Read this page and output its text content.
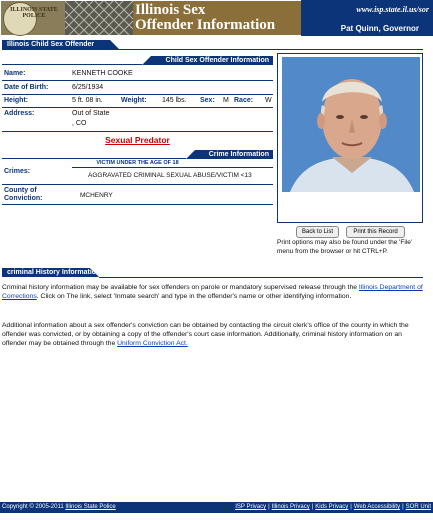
ILLINOIS STATE POLICE	Illinois Sex
Offender Information
www.isp.state.il.us/sor
Pat Quinn, Governor
Illinois Child Sex Offender
Child Sex Offender Information
Name:	KENNETH COOKE
Date of Birth:	6/25/1934
Height:	5 ft. 08 in.	Weight: 145 lbs. Sex: M Race: W
Address:	Out of State
, CO
Sexual Predator
Crime Information
VICTIM UNDER THE AGE OF 18
Crimes:
AGGRAVATED CRIMINAL SEXUAL ABUSE/VICTIM <13
County of
Conviction:	MCHENRY
Back to List	Print this Record
Print options may also be found under the 'File' menu from the browser or hit CTRL+P.
criminal History Information
Criminal history information may be available for sex offenders on parole or mandatory supervised release through the Illinois Department of Corrections. Click on The link, select 'Inmate search' and type in the offender's name or other identifying information.
Additional information about a sex offender's conviction can be obtained by contacting the circuit clerk's office of the county in which the offender was convicted, or by obtaining a copy of the offender's court case information. Additionally, criminal history information on an offender may be obtained through the Uniform Conviction Act.
Copyright © 2005-2011 Illinois State Police	ISP Privacy | Illinois Privacy | Kids Privacy | Web Accessibility | SOR Unit
